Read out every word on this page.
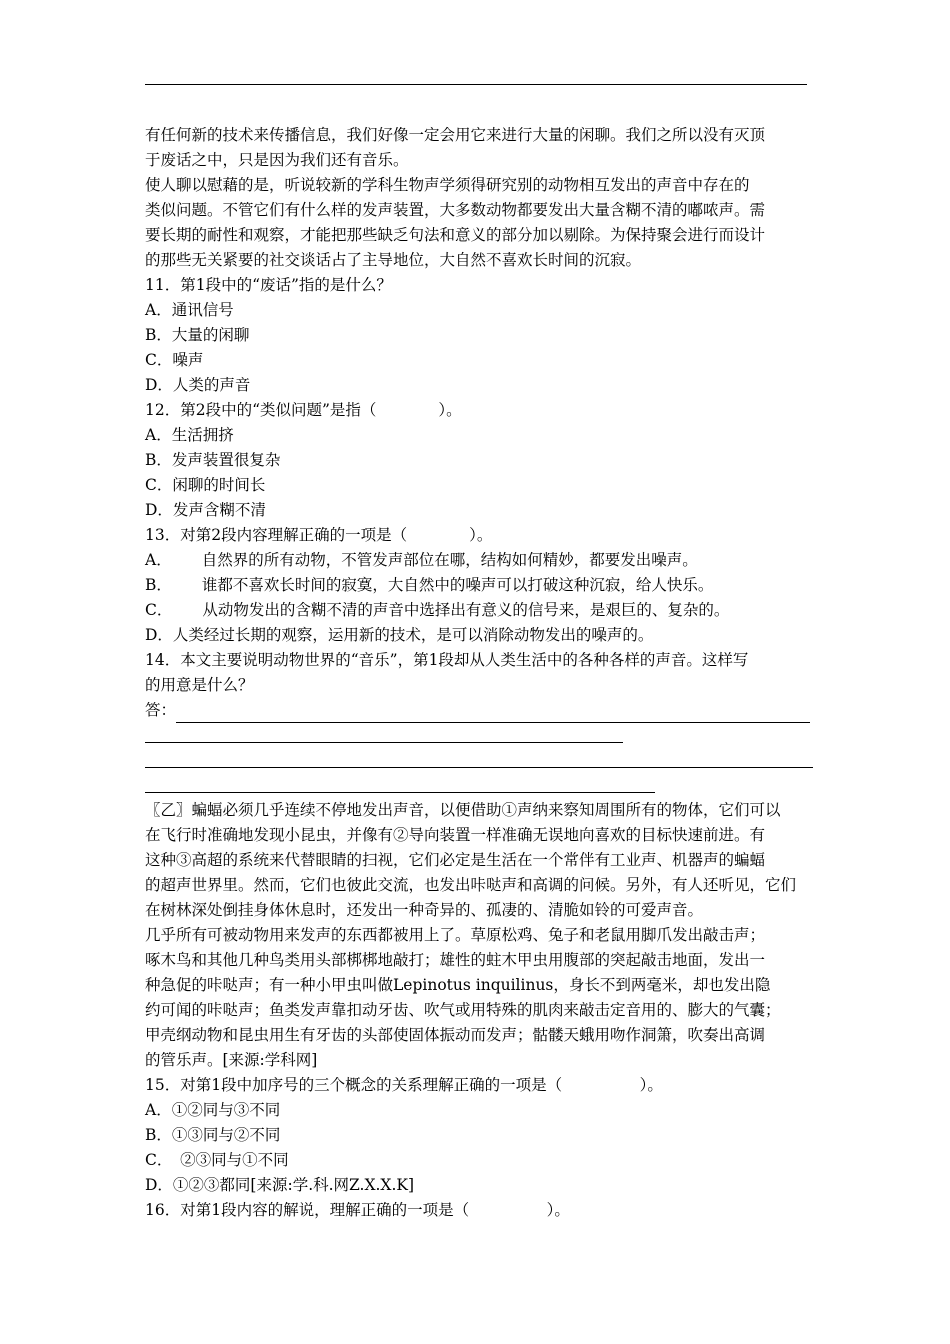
有任何新的技术来传播信息，我们好像一定会用它来进行大量的闲聊。我们之所以没有灭顶
于废话之中，只是因为我们还有音乐。
使人聊以慰藉的是，听说较新的学科生物声学须得研究别的动物相互发出的声音中存在的
类似问题。不管它们有什么样的发声装置，大多数动物都要发出大量含糊不清的嘟哝声。需
要长期的耐性和观察，才能把那些缺乏句法和意义的部分加以剔除。为保持聚会进行而设计
的那些无关紧要的社交谈话占了主导地位，大自然不喜欢长时间的沉寂。
11．第1段中的“废话”指的是什么？
A．通讯信号
B．大量的闲聊
C．噪声
D．人类的声音
12．第2段中的“类似问题”是指（　　　　）。
A．生活拥挤
B．发声装置很复杂
C．闲聊的时间长
D．发声含糊不清
13．对第2段内容理解正确的一项是（　　　　）。
A． 自然界的所有动物，不管发声部位在哪，结构如何精妙，都要发出噪声。
B． 谁都不喜欢长时间的寂寞，大自然中的噪声可以打破这种沉寂，给人快乐。
C． 从动物发出的含糊不清的声音中选择出有意义的信号来，是艰巨的、复杂的。
D．人类经过长期的观察，运用新的技术，是可以消除动物发出的噪声的。
14．本文主要说明动物世界的“音乐”，第1段却从人类生活中的各种各样的声音。这样写
的用意是什么？
答：
〖乙〗蝙蝠必须几乎连续不停地发出声音，以便借助①声纳来察知周围所有的物体，它们可以
在飞行时准确地发现小昆虫，并像有②导向装置一样准确无误地向喜欢的目标快速前进。有
这种③高超的系统来代替眼睛的扫视，它们必定是生活在一个常伴有工业声、机器声的蝙蝠
的超声世界里。然而，它们也彼此交流，也发出咔哒声和高调的问候。另外，有人还听见，它们
在树林深处倒挂身体休息时，还发出一种奇异的、孤凄的、清脆如铃的可爱声音。
几乎所有可被动物用来发声的东西都被用上了。草原松鸡、兔子和老鼠用脚爪发出敲击声；
啄木鸟和其他几种鸟类用头部梆梆地敲打；雄性的蛀木甲虫用腹部的突起敲击地面，发出一
种急促的咔哒声；有一种小甲虫叫做Lepinotus inquilinus，身长不到两毫米，却也发出隐
约可闻的咔哒声；鱼类发声靠扣动牙齿、吹气或用特殊的肌肉来敲击定音用的、膨大的气囊；
甲壳纲动物和昆虫用生有牙齿的头部使固体振动而发声；骷髅天蛾用吻作洞箫，吹奏出高调
的管乐声。[来源:学科网]
15．对第1段中加序号的三个概念的关系理解正确的一项是（　　　　　）。
A．①②同与③不同
B．①③同与②不同
C．　②③同与①不同
D．①②③都同[来源:学.科.网Z.X.X.K]
16．对第1段内容的解说，理解正确的一项是（　　　　　）。
